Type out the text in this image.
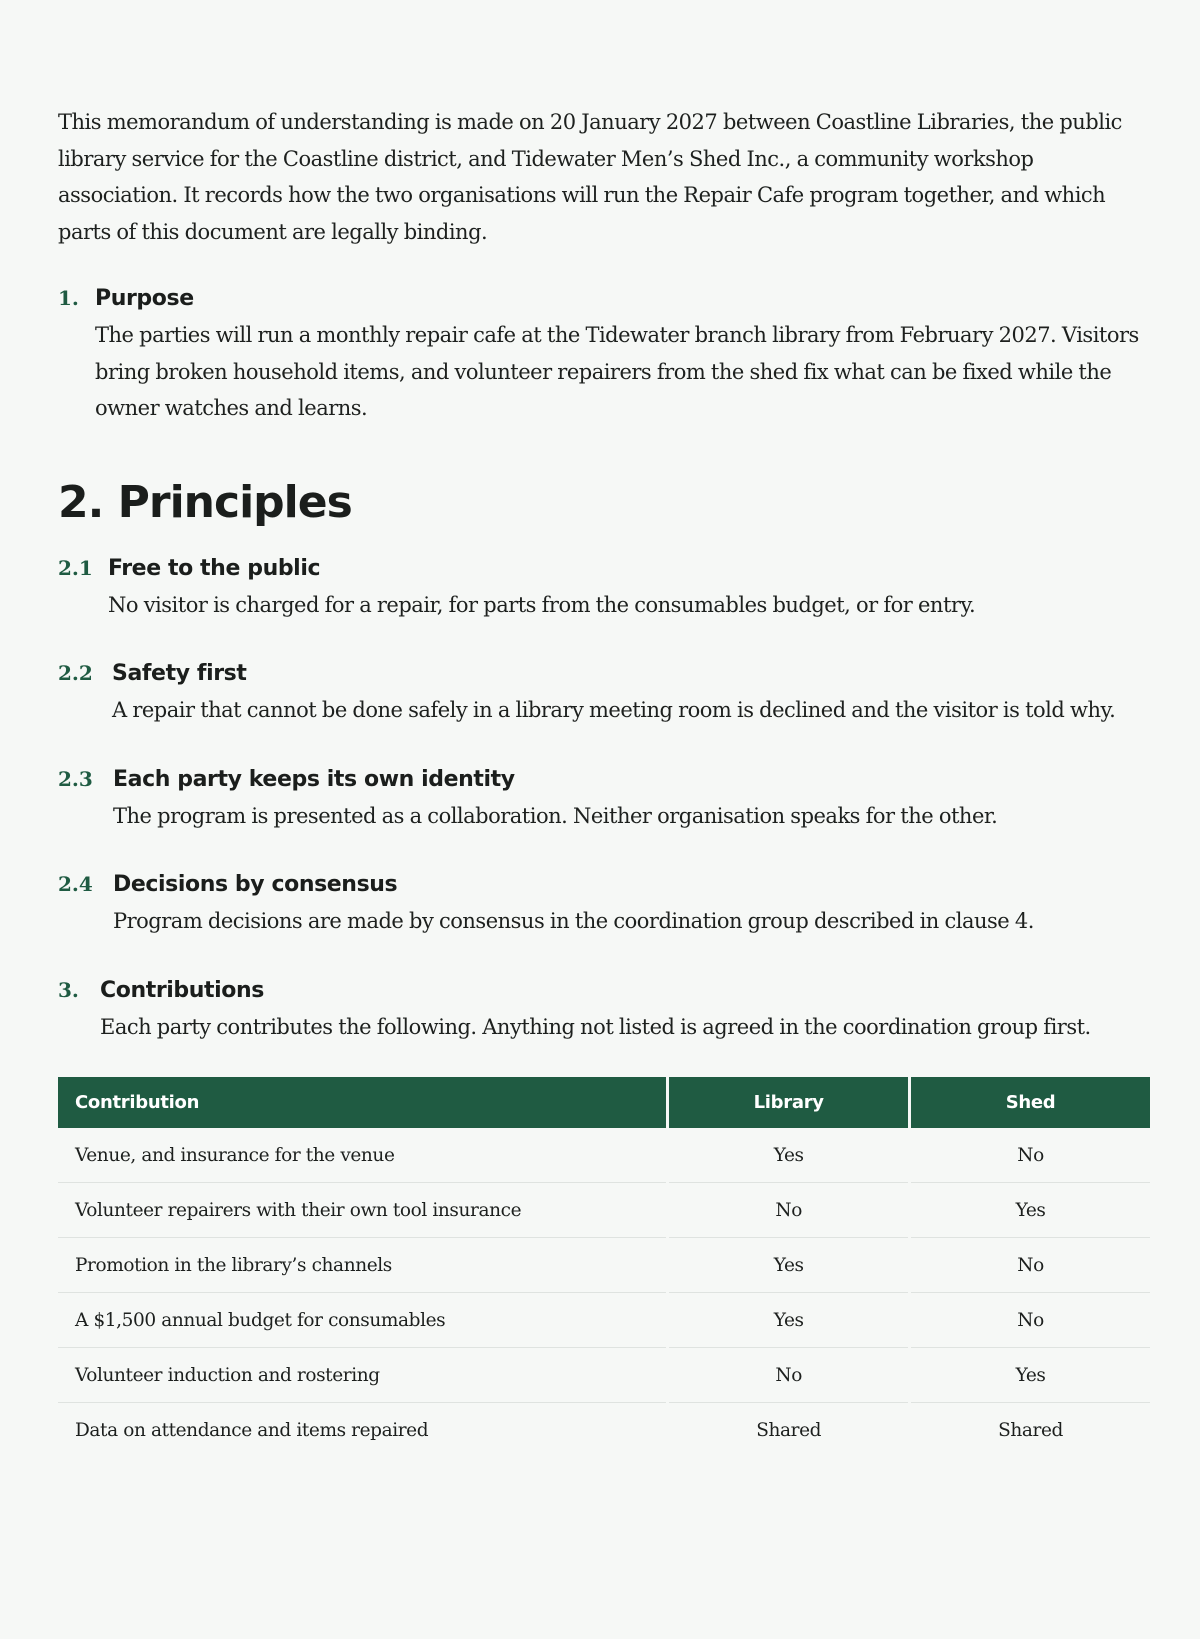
This memorandum of understanding is made on 20 January 2027 between Coastline Libraries, the public library service for the Coastline district, and Tidewater Men’s Shed Inc., a community workshop association. It records how the two organisations will run the Repair Cafe program together, and which parts of this document are legally binding.

1. Purpose

The parties will run a monthly repair cafe at the Tidewater branch library from February 2027. Visitors bring broken household items, and volunteer repairers from the shed fix what can be fixed while the owner watches and learns.

2. Principles
2.1 Free to the public

No visitor is charged for a repair, for parts from the consumables budget, or for entry.

2.2 Safety first

A repair that cannot be done safely in a library meeting room is declined and the visitor is told why.

2.3 Each party keeps its own identity

The program is presented as a collaboration. Neither organisation speaks for the other.

2.4 Decisions by consensus

Program decisions are made by consensus in the coordination group described in clause 4.

3. Contributions

Each party contributes the following. Anything not listed is agreed in the coordination group first.

Contribution	Library	Shed
Venue, and insurance for the venue	Yes	No
Volunteer repairers with their own tool insurance	No	Yes
Promotion in the library’s channels	Yes	No
A $1,500 annual budget for consumables	Yes	No
Volunteer induction and rostering	No	Yes
Data on attendance and items repaired	Shared	Shared
